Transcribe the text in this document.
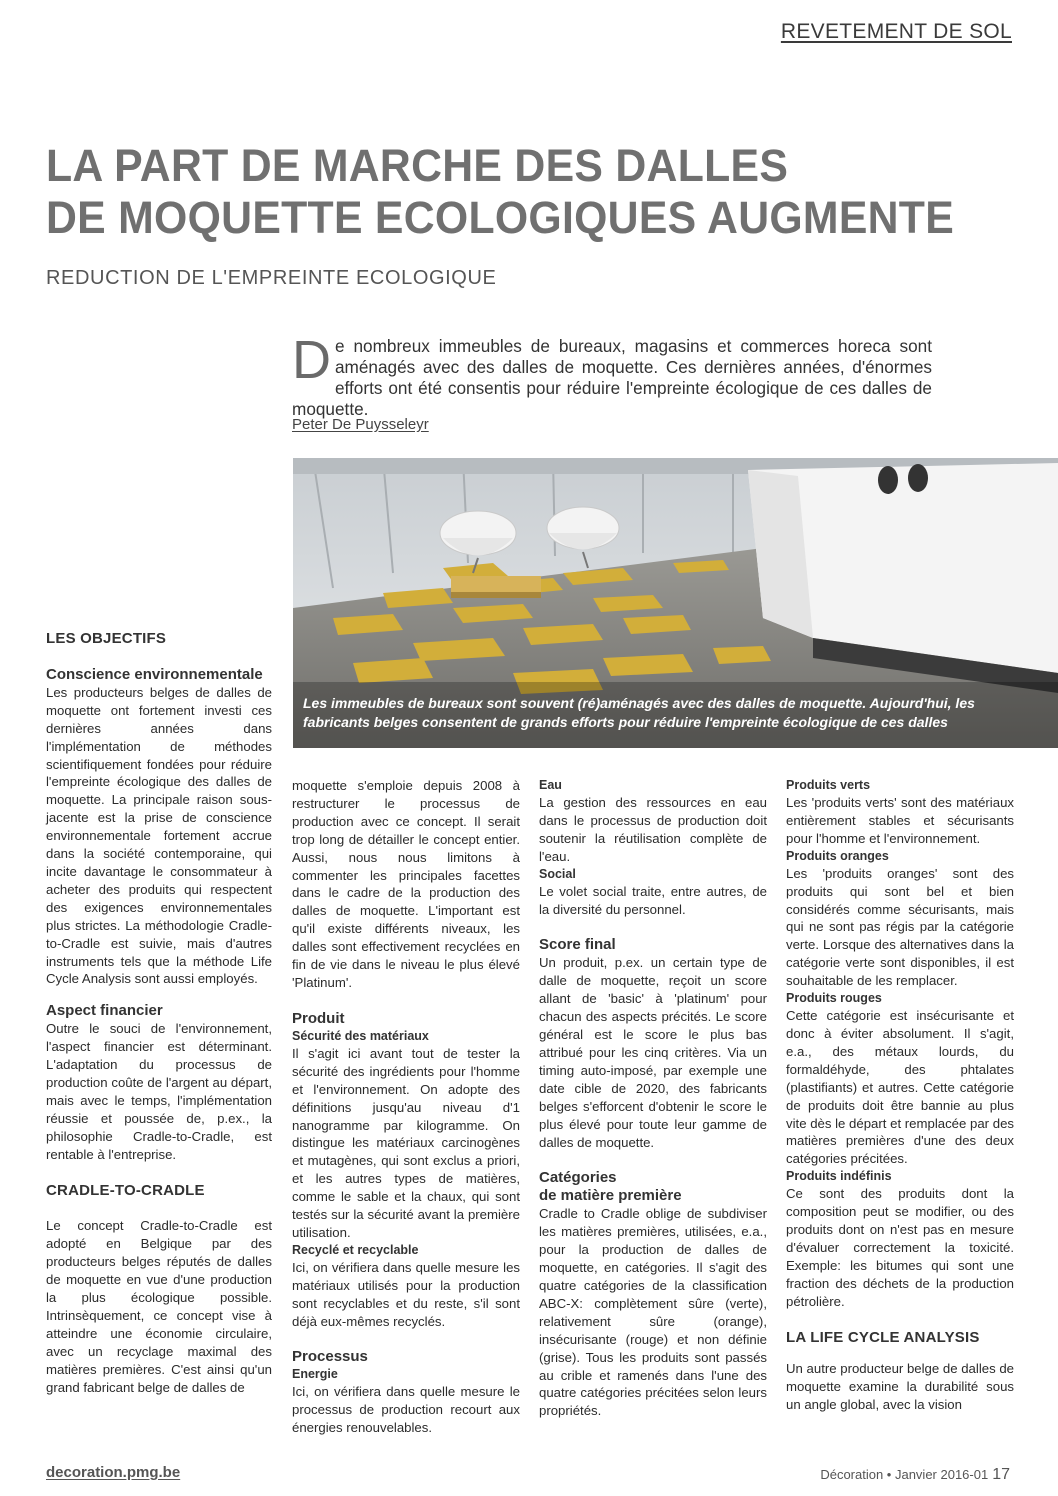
REVETEMENT DE SOL
LA PART DE MARCHE DES DALLES
DE MOQUETTE ECOLOGIQUES AUGMENTE
REDUCTION DE L'EMPREINTE ECOLOGIQUE
D e nombreux immeubles de bureaux, magasins et commerces horeca sont aménagés avec des dalles de moquette. Ces dernières années, d'énormes efforts ont été consentis pour réduire l'empreinte écologique de ces dalles de moquette.
Peter De Puysseleyr
Les immeubles de bureaux sont souvent (ré)aménagés avec des dalles de moquette. Aujourd'hui, les fabricants belges consentent de grands efforts pour réduire l'empreinte écologique de ces dalles

LES OBJECTIFS

Conscience environnementale

Les producteurs belges de dalles de moquette ont fortement investi ces dernières années dans l'implémentation de méthodes scientifiquement fondées pour réduire l'empreinte écologique des dalles de moquette. La principale raison sous-jacente est la prise de conscience environnementale fortement accrue dans la société contemporaine, qui incite davantage le consommateur à acheter des produits qui respectent des exigences environnementales plus strictes. La méthodologie Cradle-to-Cradle est suivie, mais d'autres instruments tels que la méthode Life Cycle Analysis sont aussi employés.

Aspect financier

Outre le souci de l'environnement, l'aspect financier est déterminant. L'adaptation du processus de production coûte de l'argent au départ, mais avec le temps, l'implémentation réussie et poussée de, p.ex., la philosophie Cradle-to-Cradle, est rentable à l'entreprise.

CRADLE-TO-CRADLE

Le concept Cradle-to-Cradle est adopté en Belgique par des producteurs belges réputés de dalles de moquette en vue d'une production la plus écologique possible. Intrinsèquement, ce concept vise à atteindre une économie circulaire, avec un recyclage maximal des matières premières. C'est ainsi qu'un grand fabricant belge de dalles de

moquette s'emploie depuis 2008 à restructurer le processus de production avec ce concept. Il serait trop long de détailler le concept entier. Aussi, nous nous limitons à commenter les principales facettes dans le cadre de la production des dalles de moquette. L'important est qu'il existe différents niveaux, les dalles sont effectivement recyclées en fin de vie dans le niveau le plus élevé 'Platinum'.

Produit

Sécurité des matériaux

Il s'agit ici avant tout de tester la sécurité des ingrédients pour l'homme et l'environnement. On adopte des définitions jusqu'au niveau d'1 nanogramme par kilogramme. On distingue les matériaux carcinogènes et mutagènes, qui sont exclus a priori, et les autres types de matières, comme le sable et la chaux, qui sont testés sur la sécurité avant la première utilisation.

Recyclé et recyclable

Ici, on vérifiera dans quelle mesure les matériaux utilisés pour la production sont recyclables et du reste, s'il sont déjà eux-mêmes recyclés.

Processus

Energie

Ici, on vérifiera dans quelle mesure le processus de production recourt aux énergies renouvelables.

Eau

La gestion des ressources en eau dans le processus de production doit soutenir la réutilisation complète de l'eau.

Social

Le volet social traite, entre autres, de la diversité du personnel.

Score final

Un produit, p.ex. un certain type de dalle de moquette, reçoit un score allant de 'basic' à 'platinum' pour chacun des aspects précités. Le score général est le score le plus bas attribué pour les cinq critères. Via un timing auto-imposé, par exemple une date cible de 2020, des fabricants belges s'efforcent d'obtenir le score le plus élevé pour toute leur gamme de dalles de moquette.

Catégories

de matière première

Cradle to Cradle oblige de subdiviser les matières premières, utilisées, e.a., pour la production de dalles de moquette, en catégories. Il s'agit des quatre catégories de la classification ABC-X: complètement sûre (verte), relativement sûre (orange), insécurisante (rouge) et non définie (grise). Tous les produits sont passés au crible et ramenés dans l'une des quatre catégories précitées selon leurs propriétés.

Produits verts

Les 'produits verts' sont des matériaux entièrement stables et sécurisants pour l'homme et l'environnement.

Produits oranges

Les 'produits oranges' sont des produits qui sont bel et bien considérés comme sécurisants, mais qui ne sont pas régis par la catégorie verte. Lorsque des alternatives dans la catégorie verte sont disponibles, il est souhaitable de les remplacer.

Produits rouges

Cette catégorie est insécurisante et donc à éviter absolument. Il s'agit, e.a., des métaux lourds, du formaldéhyde, des phtalates (plastifiants) et autres. Cette catégorie de produits doit être bannie au plus vite dès le départ et remplacée par des matières premières d'une des deux catégories précitées.

Produits indéfinis

Ce sont des produits dont la composition peut se modifier, ou des produits dont on n'est pas en mesure d'évaluer correctement la toxicité. Exemple: les bitumes qui sont une fraction des déchets de la production pétrolière.

LA LIFE CYCLE ANALYSIS

Un autre producteur belge de dalles de moquette examine la durabilité sous un angle global, avec la vision

decoration.pmg.be	Décoration • Janvier 2016-01 17
